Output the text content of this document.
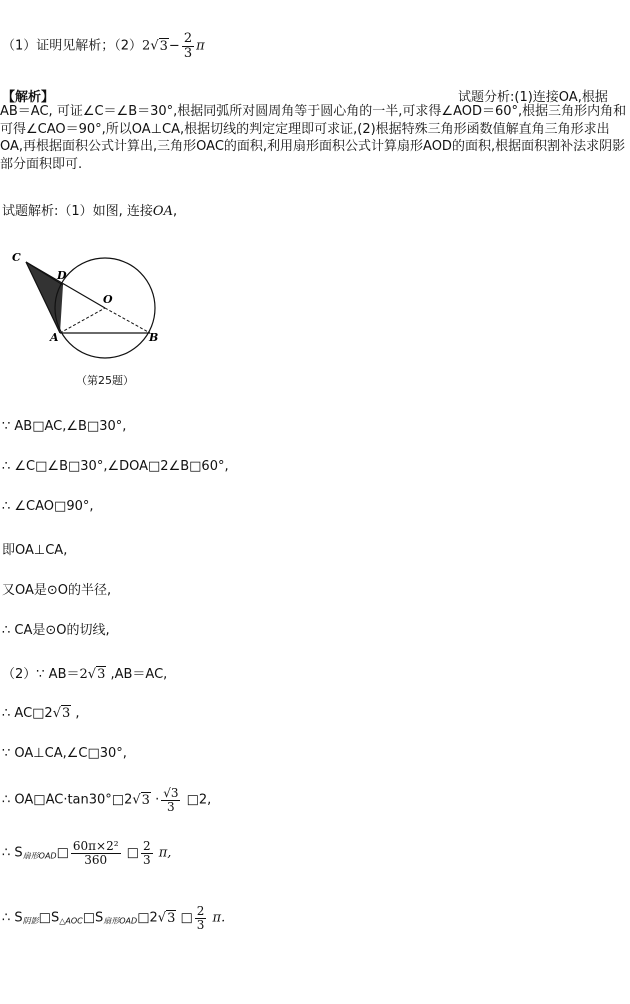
（1）证明见解析；$(2)2√3- \frac{2}{3}$ π
【解析】	试题分析:(1)连接OA,根据
AB＝AC, 可证∠C＝∠B＝30°,根据同弧所对圆周角等于圆心角的一半,可求得∠AOD＝60°,根据三角形内角和可得∠CAO＝90°,所以OA⊥CA,根据切线的判定定理即可求证,(2)根据特殊三角形函数值解直角三角形求出OA,再根据面积公式计算出,三角形OAC的面积,利用扇形面积公式计算扇形AOD的面积,根据面积割补法求阴影部分面积即可.
试题解析:（1）如图, 连接OA,
C
D
O
A	B
（第25题）
∵ AB□AC,∠B□30°,
∴ ∠C□∠B□30°,∠DOA□2∠B□60°,
∴ ∠CAO□90°,
即OA⊥CA,
又OA是⊙O的半径,
∴ CA是⊙O的切线,
（2）∵ AB＝2√3 ,AB＝AC,
∴ AC□2√3 ,
∵ OA⊥CA,∠C□30°,
∴ OA□AC·tan30°□2√3 · $\frac{√3}{3}$ □2,
∴ $S_{扇形OAD}□ \frac{\text{60π×2²}}{360}$ □ $\frac{2}{3} \pi$,
∴ $S_{阴影}□S_{\triangle AOC}□S_{扇形OAD}□2√3$ □ $\frac{2}{3} \pi$.
